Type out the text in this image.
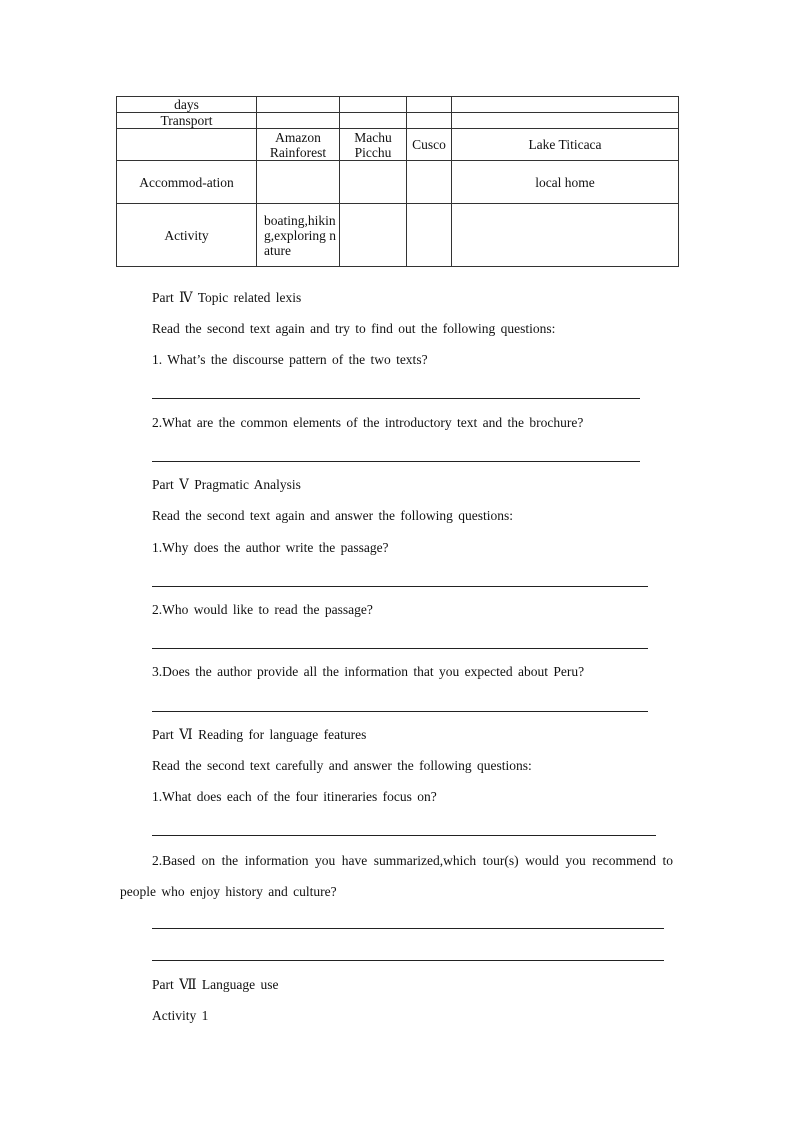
days				
Transport				
	Amazon Rainforest	Machu Picchu	Cusco	Lake Titicaca
Accommod-ation				local home
Activity	boating,hiking,exploring nature			
Part Ⅳ Topic related lexis
Read the second text again and try to find out the following questions:
1. What’s the discourse pattern of the two texts?
2.What are the common elements of the introductory text and the brochure?
Part Ⅴ Pragmatic Analysis
Read the second text again and answer the following questions:
1.Why does the author write the passage?
2.Who would like to read the passage?
3.Does the author provide all the information that you expected about Peru?
Part Ⅵ Reading for language features
Read the second text carefully and answer the following questions:
1.What does each of the four itineraries focus on?
2.Based on the information you have summarized,which tour(s) would you recommend to people who enjoy history and culture?
Part Ⅶ Language use
Activity 1
